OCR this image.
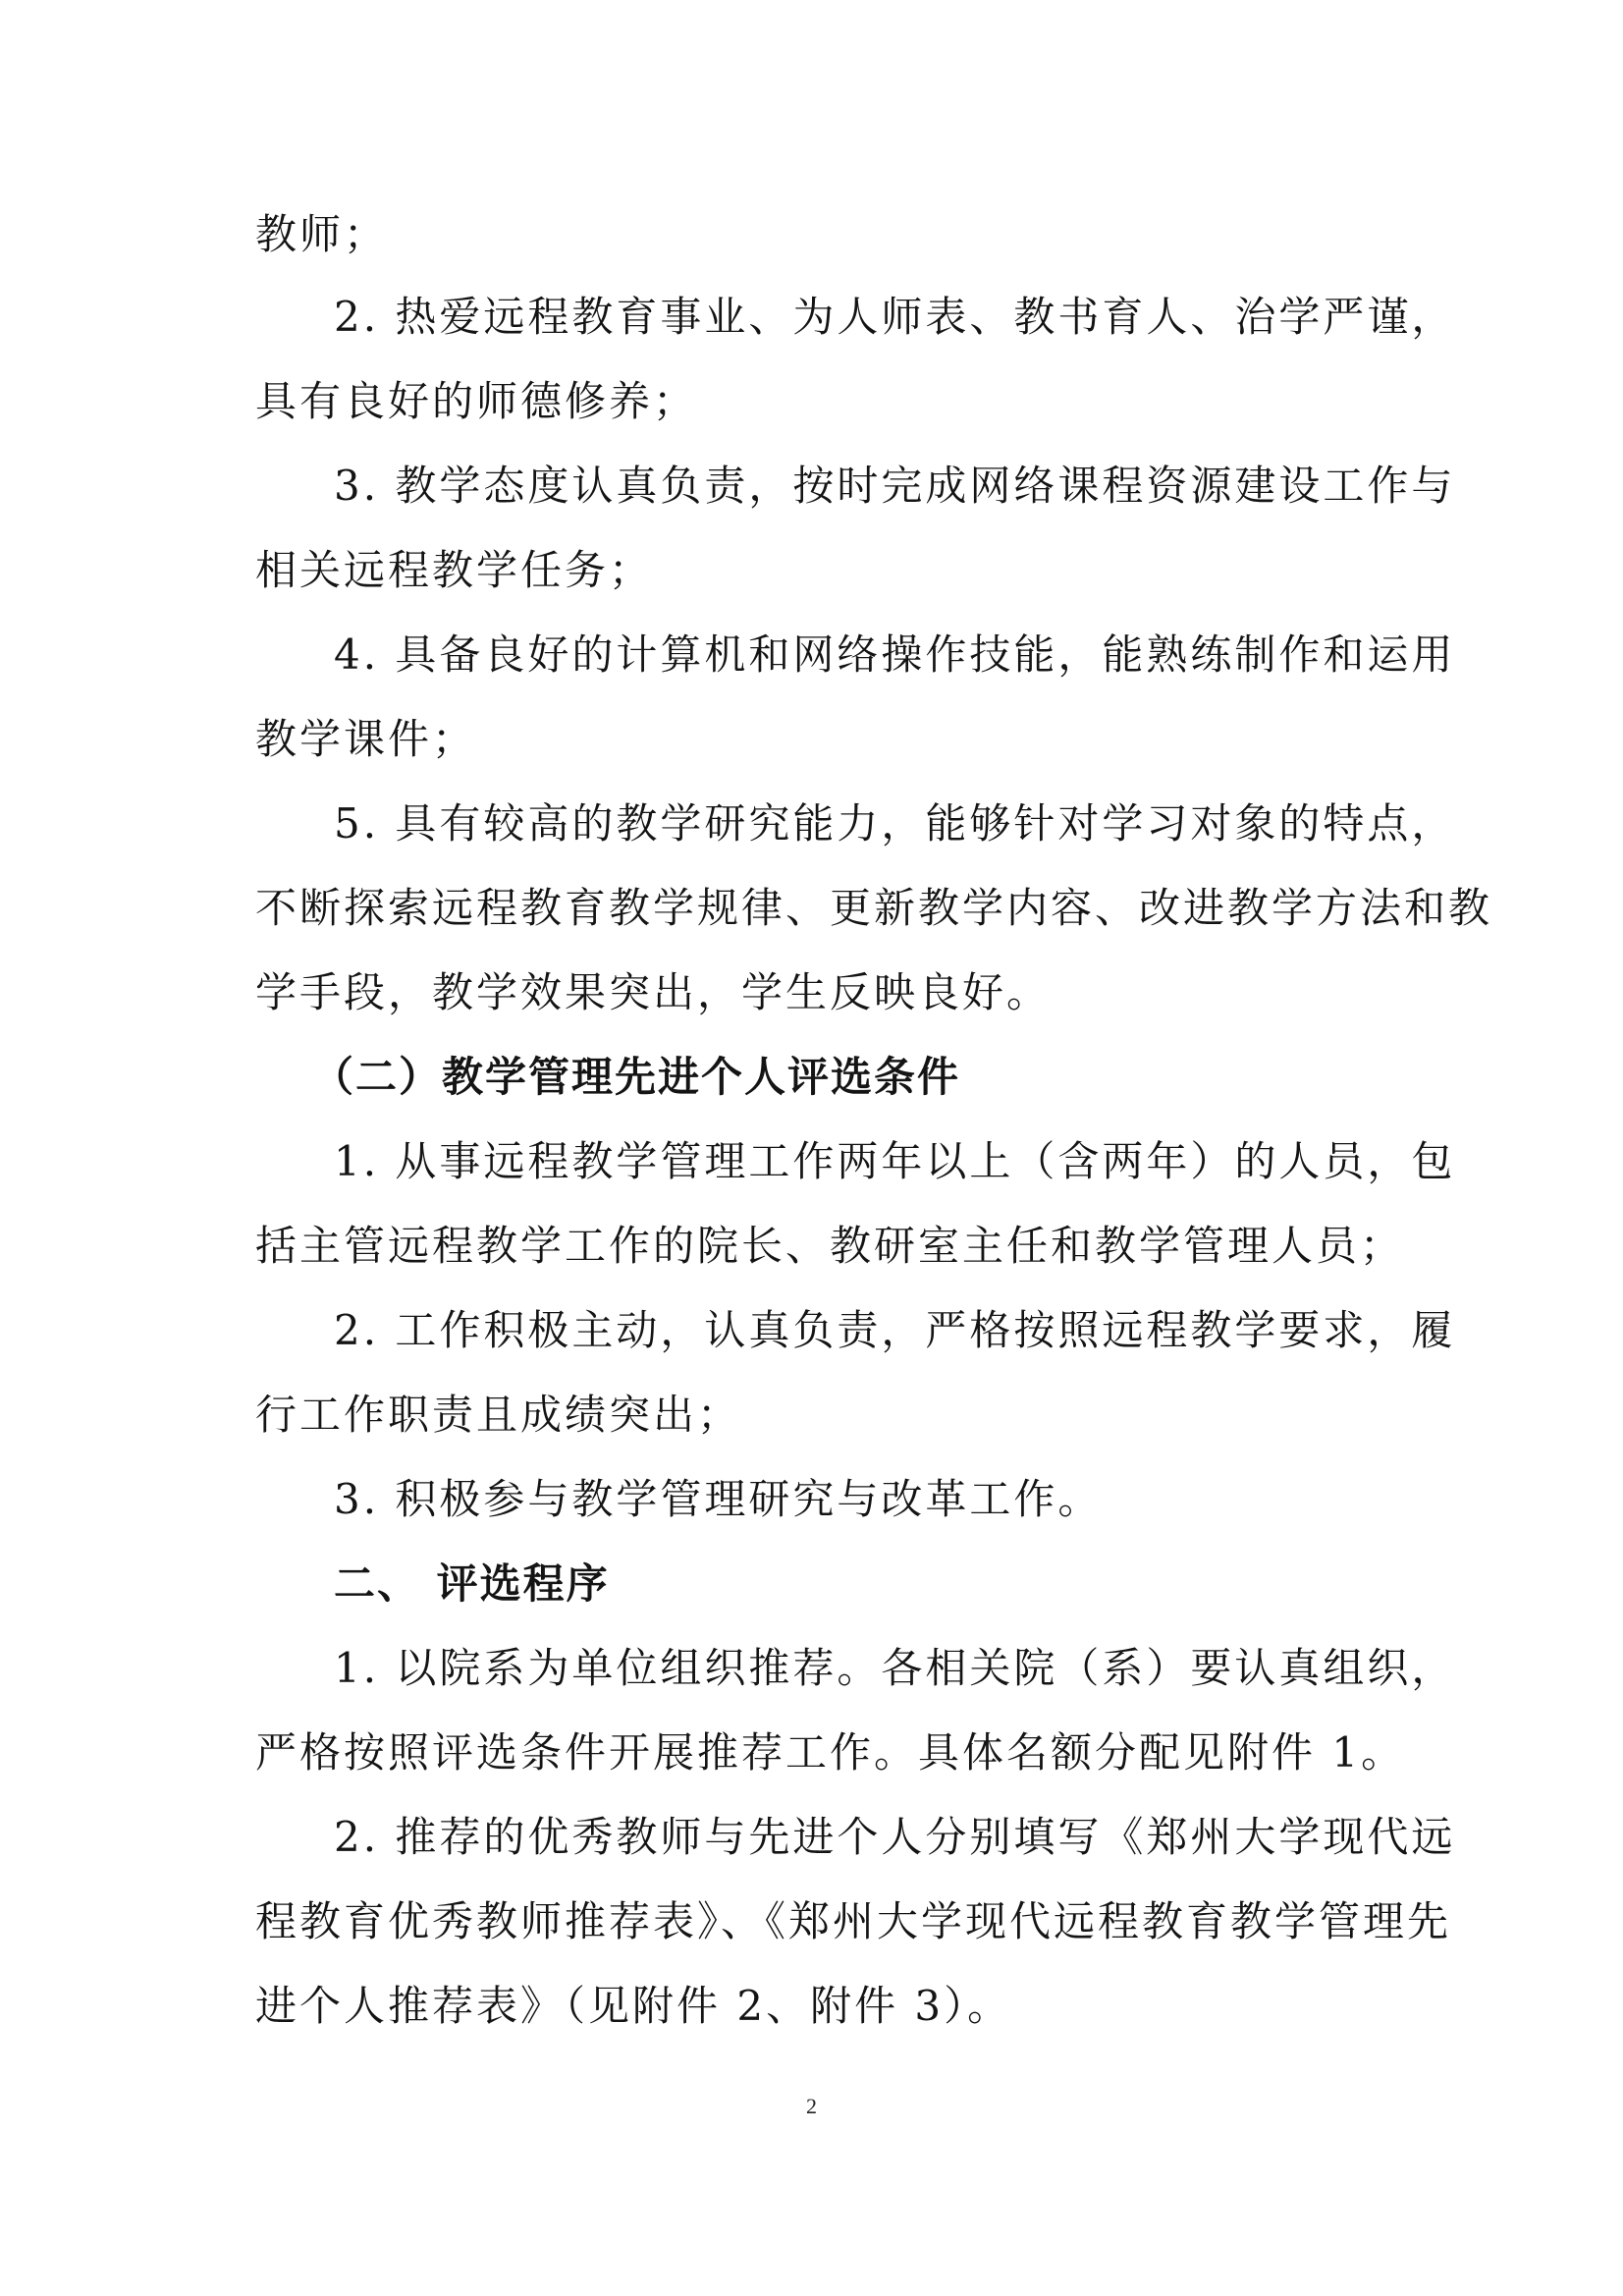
教师；
2. 热爱远程教育事业、为人师表、教书育人、治学严谨，
具有良好的师德修养；
3. 教学态度认真负责，按时完成网络课程资源建设工作与
相关远程教学任务；
4. 具备良好的计算机和网络操作技能，能熟练制作和运用
教学课件；
5. 具有较高的教学研究能力，能够针对学习对象的特点，
不断探索远程教育教学规律、更新教学内容、改进教学方法和教
学手段，教学效果突出，学生反映良好。
（二）教学管理先进个人评选条件
1. 从事远程教学管理工作两年以上（含两年）的人员，包
括主管远程教学工作的院长、教研室主任和教学管理人员；
2. 工作积极主动，认真负责，严格按照远程教学要求，履
行工作职责且成绩突出；
3. 积极参与教学管理研究与改革工作。
二、 评选程序
1. 以院系为单位组织推荐。各相关院（系）要认真组织，
严格按照评选条件开展推荐工作。具体名额分配见附件 1。
2. 推荐的优秀教师与先进个人分别填写《郑州大学现代远
程教育优秀教师推荐表》、《郑州大学现代远程教育教学管理先
进个人推荐表》（见附件 2、附件 3）。
2
